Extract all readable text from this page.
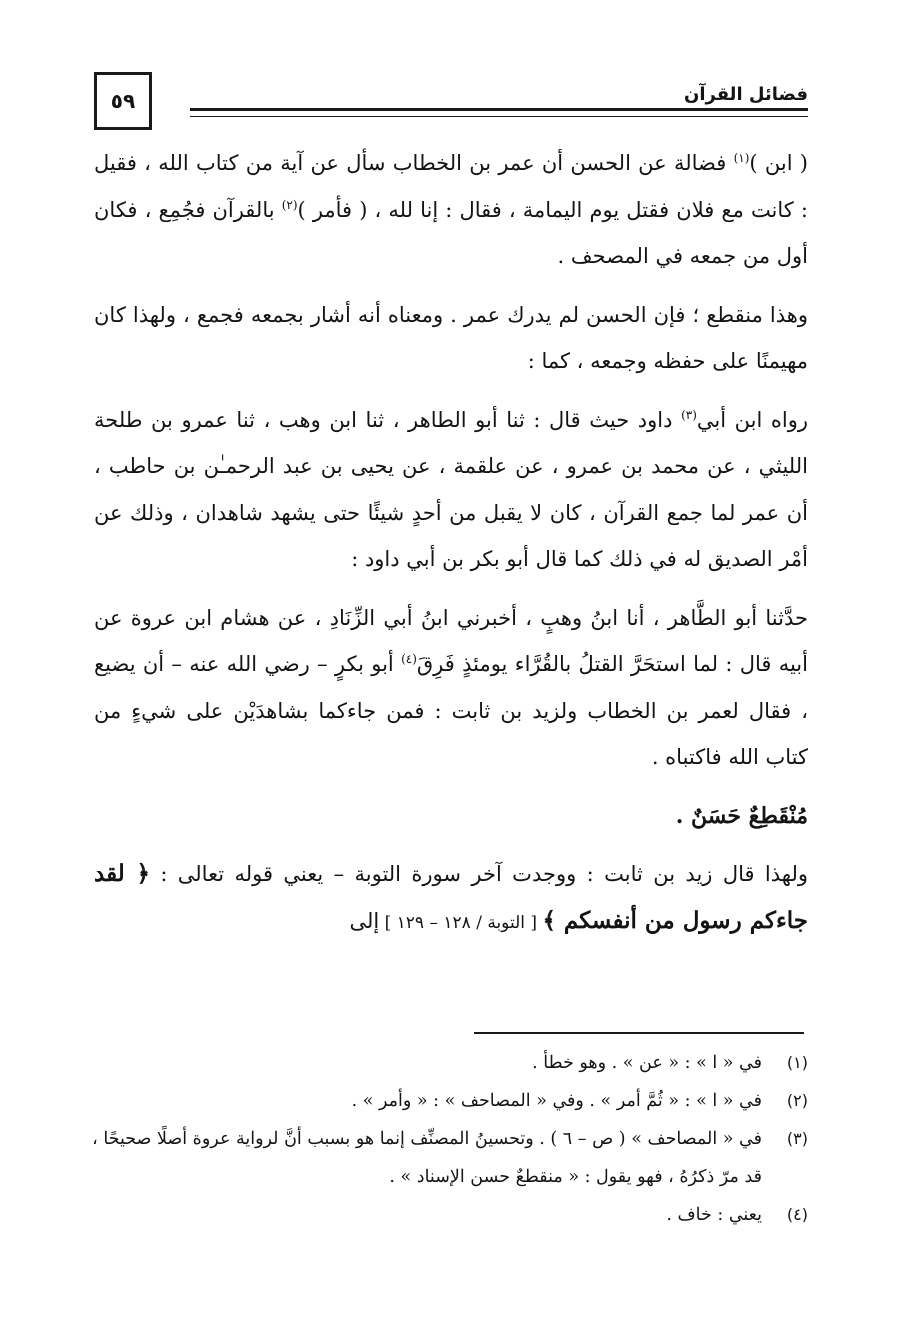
٥٩	فضائل القرآن

( ابن )$^{(١)}$ فضالة عن الحسن أن عمر بن الخطاب سأل عن آية من كتاب الله ، فقيل : كانت مع فلان فقتل يوم اليمامة ، فقال : إنا لله ، ( فأمر )$^{(٢)}$ بالقرآن فجُمِع ، فكان أول من جمعه في المصحف .

وهذا منقطع ؛ فإن الحسن لم يدرك عمر . ومعناه أنه أشار بجمعه فجمع ، ولهذا كان مهيمنًا على حفظه وجمعه ، كما :

رواه ابن أبي$^{(٣)}$ داود حيث قال : ثنا أبو الطاهر ، ثنا ابن وهب ، ثنا عمرو بن طلحة الليثي ، عن محمد بن عمرو ، عن علقمة ، عن يحيى بن عبد الرحمـٰن بن حاطب ، أن عمر لما جمع القرآن ، كان لا يقبل من أحدٍ شيئًا حتى يشهد شاهدان ، وذلك عن أمْر الصديق له في ذلك كما قال أبو بكر بن أبي داود :

حدَّثنا أبو الطَّاهر ، أنا ابنُ وهبٍ ، أخبرني ابنُ أبي الزِّنَادِ ، عن هشام ابن عروة عن أبيه قال : لما استحَرَّ القتلُ بالقُرَّاء يومئذٍ فَرِقَ$^{(٤)}$ أبو بكرٍ – رضي الله عنه – أن يضيع ، فقال لعمر بن الخطاب ولزيد بن ثابت : فمن جاءكما بشاهدَيْن على شيءٍ من كتاب الله فاكتباه .

مُنْقَطِعٌ حَسَنٌ .

ولهذا قال زيد بن ثابت : ووجدت آخر سورة التوبة – يعني قوله تعالى : ﴿ لقد جاءكم رسول من أنفسكم ﴾ [ التوبة / ١٢٨ – ١٢٩ ] إلى

(١)
في « ا » : « عن » . وهو خطأ .
(٢)
في « ا » : « ثُمَّ أمر » . وفي « المصاحف » : « وأمر » .
(٣)
في « المصاحف » ( ص – ٦ ) . وتحسينُ المصنِّف إنما هو بسبب أنَّ لرواية عروة أصلًا صحيحًا ، قد مرّ ذكرُهُ ، فهو يقول : « منقطعٌ حسن الإسناد » .
(٤)
يعني : خاف .
